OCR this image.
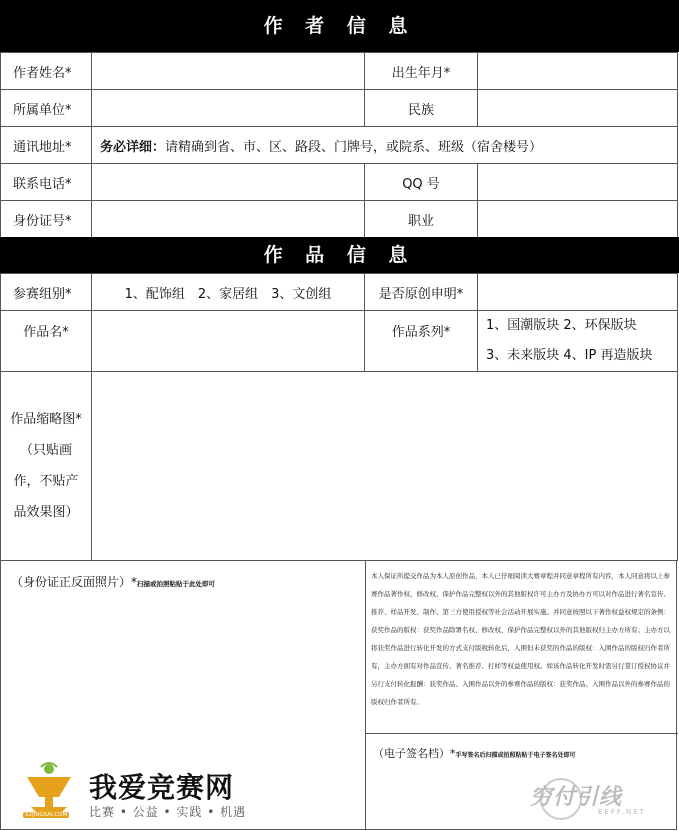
作 者 信 息
作者姓名*		出生年月*	
所属单位*		民族	
通讯地址*	务必详细：请精确到省、市、区、路段、门牌号，或院系、班级（宿舍楼号）		
联系电话*		QQ 号	
身份证号*		职业	
作 品 信 息
参赛组别*	1、配饰组　2、家居组　3、文创组	是否原创申明*	
作品名*		作品系列*	1、国潮版块 2、环保版块
3、未来版块 4、IP 再造版块

作品缩略图*
（只贴画
作，不贴产
品效果图）			

（身份证正反面照片）*扫描或拍照粘贴于此处即可
本人保证所提交作品为本人原创作品，本人已仔细阅读大赛章程并同意章程所有内容，本人同意将以上参赛作品著作权、修改权、保护作品完整权以外的其他版权许可主办方及协办方可以对作品进行著名宣传、推荐、样品开发、制作、第三方使用授权等社会活动开展实施。并同意按照以下著作权益权规定的条例：获奖作品的版权：获奖作品除署名权、修改权、保护作品完整权以外的其他版权归主办方所有；主办方以将获奖作品进行转化开发的方式支付版税转化后，入围但未获奖的作品的版权：入围作品的版权归作者所有，主办方拥有对作品宣传、著名推荐、打样等权益使用权。如该作品转化开发时需另行签订授权协议并另行支付转化报酬：获奖作品、入围作品以外的参赛作品的版权：获奖作品、入围作品以外的参赛作品的版权归作者所有。
（电子签名档）*手写签名后扫描或拍照粘贴于电子签名处即可
52JINGSAI.COM
我爱竞赛网
比赛 • 公益 • 实践 • 机遇
穷付引线
EEFF.NET
